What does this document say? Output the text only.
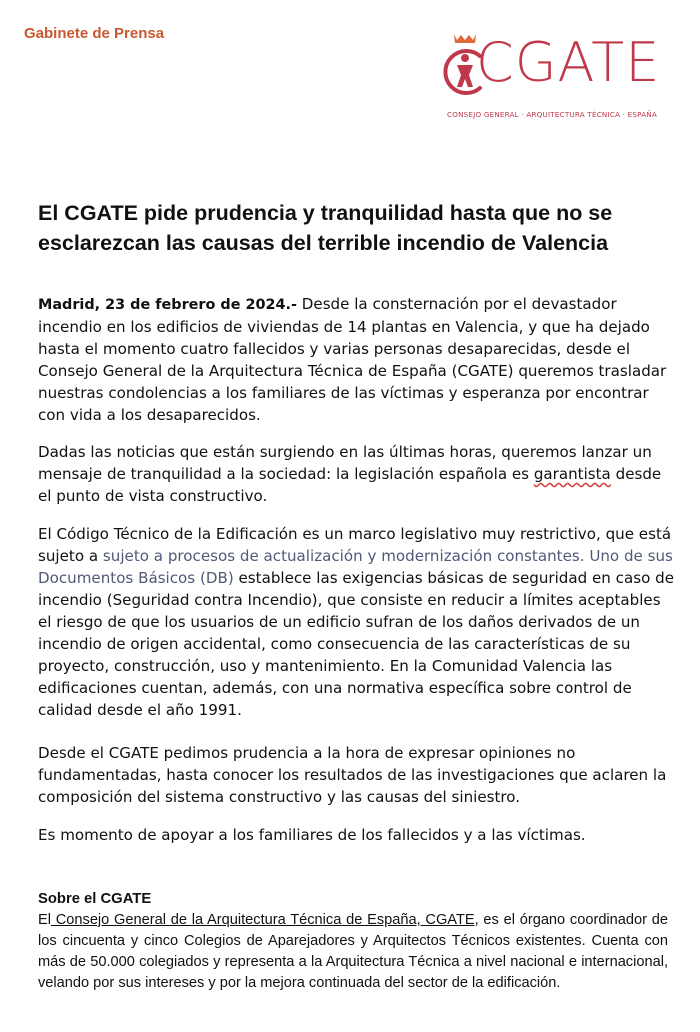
Gabinete de Prensa	CGATE
CONSEJO GENERAL · ARQUITECTURA TÉCNICA · ESPAÑA
El CGATE pide prudencia y tranquilidad hasta que no se esclarezcan las causas del terrible incendio de Valencia

Madrid, 23 de febrero de 2024.- Desde la consternación por el devastador incendio en los edificios de viviendas de 14 plantas en Valencia, y que ha dejado hasta el momento cuatro fallecidos y varias personas desaparecidas, desde el Consejo General de la Arquitectura Técnica de España (CGATE) queremos trasladar nuestras condolencias a los familiares de las víctimas y esperanza por encontrar con vida a los desaparecidos.

Dadas las noticias que están surgiendo en las últimas horas, queremos lanzar un mensaje de tranquilidad a la sociedad: la legislación española es garantista desde el punto de vista constructivo.

El Código Técnico de la Edificación es un marco legislativo muy restrictivo, que está sujeto a sujeto a procesos de actualización y modernización constantes. Uno de sus Documentos Básicos (DB) establece las exigencias básicas de seguridad en caso de incendio (Seguridad contra Incendio), que consiste en reducir a límites aceptables el riesgo de que los usuarios de un edificio sufran de los daños derivados de un incendio de origen accidental, como consecuencia de las características de su proyecto, construcción, uso y mantenimiento. En la Comunidad Valencia las edificaciones cuentan, además, con una normativa específica sobre control de calidad desde el año 1991.

Desde el CGATE pedimos prudencia a la hora de expresar opiniones no fundamentadas, hasta conocer los resultados de las investigaciones que aclaren la composición del sistema constructivo y las causas del siniestro.

Es momento de apoyar a los familiares de los fallecidos y a las víctimas.

Sobre el CGATE

El Consejo General de la Arquitectura Técnica de España, CGATE, es el órgano coordinador de los cincuenta y cinco Colegios de Aparejadores y Arquitectos Técnicos existentes. Cuenta con más de 50.000 colegiados y representa a la Arquitectura Técnica a nivel nacional e internacional, velando por sus intereses y por la mejora continuada del sector de la edificación.
